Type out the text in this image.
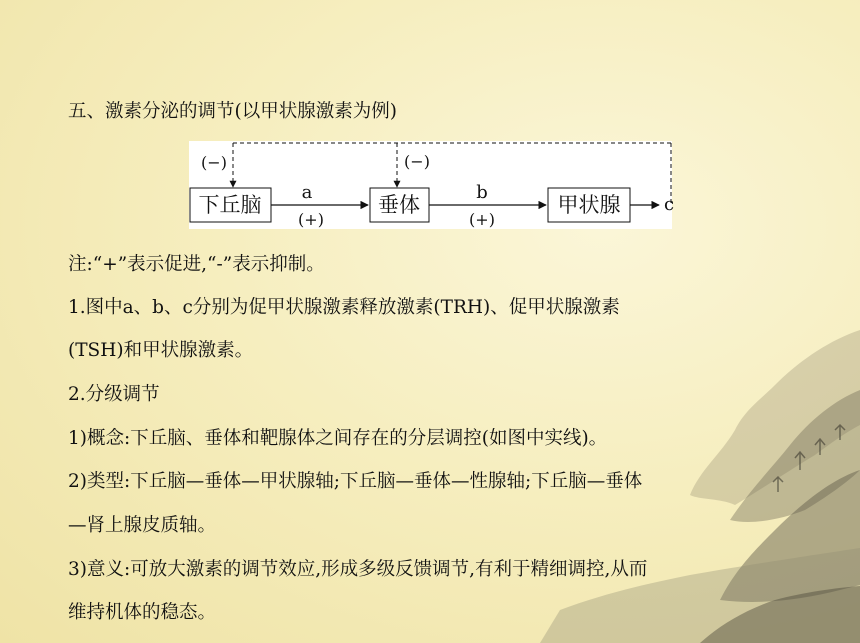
五、激素分泌的调节(以甲状腺激素为例)
下丘脑	垂体	甲状腺 c
a	b
(+)	(+)
(−)	(−)
注:“+”表示促进,“-”表示抑制。
1.图中a、b、c分别为促甲状腺激素释放激素(TRH)、促甲状腺激素
(TSH)和甲状腺激素。
2.分级调节
1)概念:下丘脑、垂体和靶腺体之间存在的分层调控(如图中实线)。
2)类型:下丘脑—垂体—甲状腺轴;下丘脑—垂体—性腺轴;下丘脑—垂体
—肾上腺皮质轴。
3)意义:可放大激素的调节效应,形成多级反馈调节,有利于精细调控,从而
维持机体的稳态。
